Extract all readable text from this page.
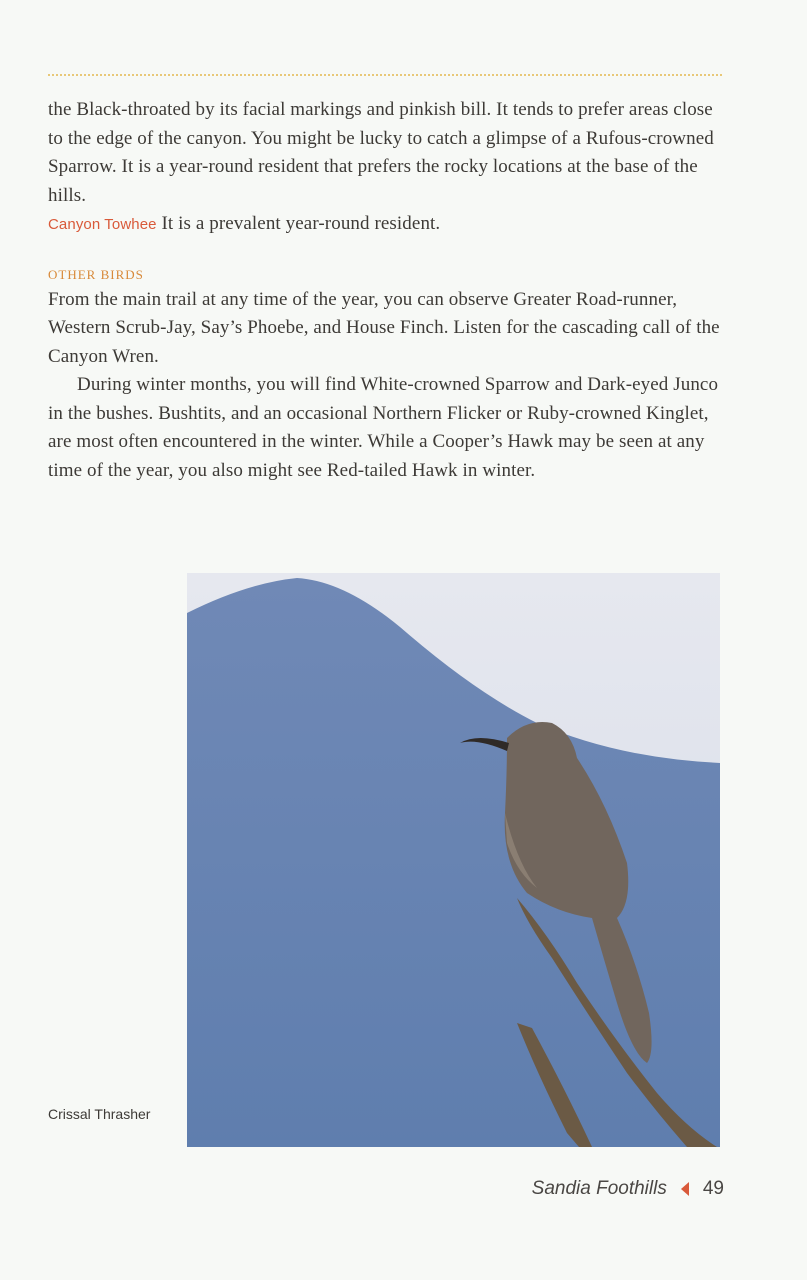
the Black-throated by its facial markings and pinkish bill. It tends to prefer areas close to the edge of the canyon. You might be lucky to catch a glimpse of a Rufous-crowned Sparrow. It is a year-round resident that prefers the rocky locations at the base of the hills.

Canyon Towhee It is a prevalent year-round resident.

OTHER BIRDS

From the main trail at any time of the year, you can observe Greater Road-runner, Western Scrub-Jay, Say’s Phoebe, and House Finch. Listen for the cascading call of the Canyon Wren.

During winter months, you will find White-crowned Sparrow and Dark-eyed Junco in the bushes. Bushtits, and an occasional Northern Flicker or Ruby-crowned Kinglet, are most often encountered in the winter. While a Cooper’s Hawk may be seen at any time of the year, you also might see Red-tailed Hawk in winter.

Crissal Thrasher
Sandia Foothills 49
